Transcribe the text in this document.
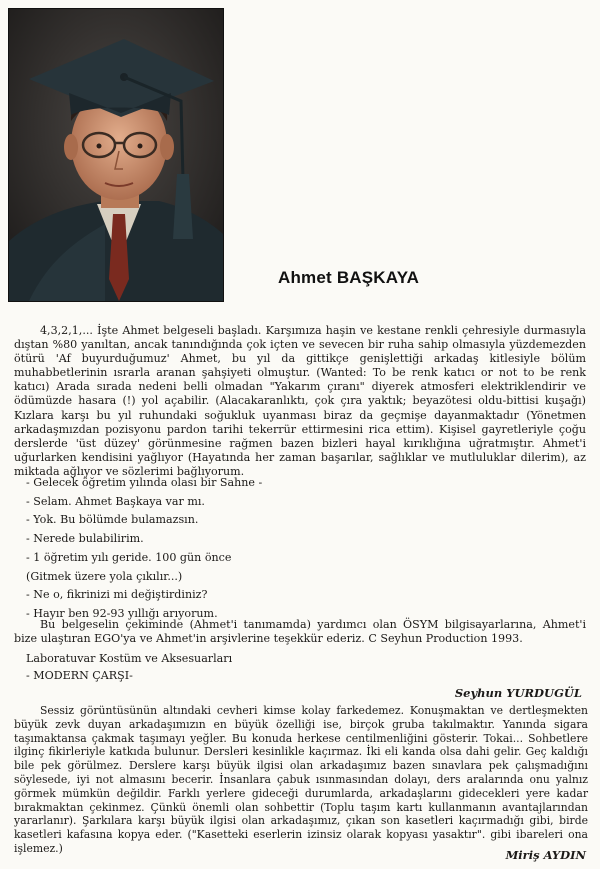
Ahmet BAŞKAYA

4,3,2,1,... İşte Ahmet belgeseli başladı. Karşımıza haşin ve kestane renkli çehresiyle durmasıyla dıştan %80 yanıltan, ancak tanındığında çok içten ve sevecen bir ruha sahip olmasıyla yüzdemezden ötürü 'Af buyurduğumuz' Ahmet, bu yıl da gittikçe genişlettiği arkadaş kitlesiyle bölüm muhabbetlerinin ısrarla aranan şahşiyeti olmuştur. (Wanted: To be renk katıcı or not to be renk katıcı) Arada sırada nedeni belli olmadan "Yakarım çıranı" diyerek atmosferi elektriklendirir ve ödümüzde hasara (!) yol açabilir. (Alacakaranlıktı, çok çıra yaktık; beyazötesi oldu-bittisi kuşağı) Kızlara karşı bu yıl ruhundaki soğukluk uyanması biraz da geçmişe dayanmaktadır (Yönetmen arkadaşmızdan pozisyonu pardon tarihi tekerrür ettirmesini rica ettim). Kişisel gayretleriyle çoğu derslerde 'üst düzey' görünmesine rağmen bazen bizleri hayal kırıklığına uğratmıştır. Ahmet'i uğurlarken kendisini yağlıyor (Hayatında her zaman başarılar, sağlıklar ve mutluluklar dilerim), az miktada ağlıyor ve sözlerimi bağlıyorum.

- Gelecek öğretim yılında olası bir Sahne -
- Selam. Ahmet Başkaya var mı.
- Yok. Bu bölümde bulamazsın.
- Nerede bulabilirim.
- 1 öğretim yılı geride. 100 gün önce
(Gitmek üzere yola çıkılır...)
- Ne o, fikrinizi mi değiştirdiniz?
- Hayır ben 92-93 yıllığı arıyorum.

Bu belgeselin çekiminde (Ahmet'i tanımamda) yardımcı olan ÖSYM bilgisayarlarına, Ahmet'i bize ulaştıran EGO'ya ve Ahmet'in arşivlerine teşekkür ederiz. C Seyhun Production 1993.

Laboratuvar Kostüm ve Aksesuarları

- MODERN ÇARŞI-

Seyhun YURDUGÜL

Sessiz görüntüsünün altındaki cevheri kimse kolay farkedemez. Konuşmaktan ve dertleşmekten büyük zevk duyan arkadaşımızın en büyük özelliği ise, birçok gruba takılmaktır. Yanında sigara taşımaktansa çakmak taşımayı yeğler. Bu konuda herkese centilmenliğini gösterir. Tokai... Sohbetlere ilginç fikirleriyle katkıda bulunur. Dersleri kesinlikle kaçırmaz. İki eli kanda olsa dahi gelir. Geç kaldığı bile pek görülmez. Derslere karşı büyük ilgisi olan arkadaşımız bazen sınavlara pek çalışmadığını söylesede, iyi not almasını becerir. İnsanlara çabuk ısınmasından dolayı, ders aralarında onu yalnız görmek mümkün değildir. Farklı yerlere gideceği durumlarda, arkadaşlarını gidecekleri yere kadar bırakmaktan çekinmez. Çünkü önemli olan sohbettir (Toplu taşım kartı kullanmanın avantajlarından yararlanır). Şarkılara karşı büyük ilgisi olan arkadaşımız, çıkan son kasetleri kaçırmadığı gibi, birde kasetleri kafasına kopya eder. ("Kasetteki eserlerin izinsiz olarak kopyası yasaktır". gibi ibareleri ona işlemez.)	Miriş AYDIN
